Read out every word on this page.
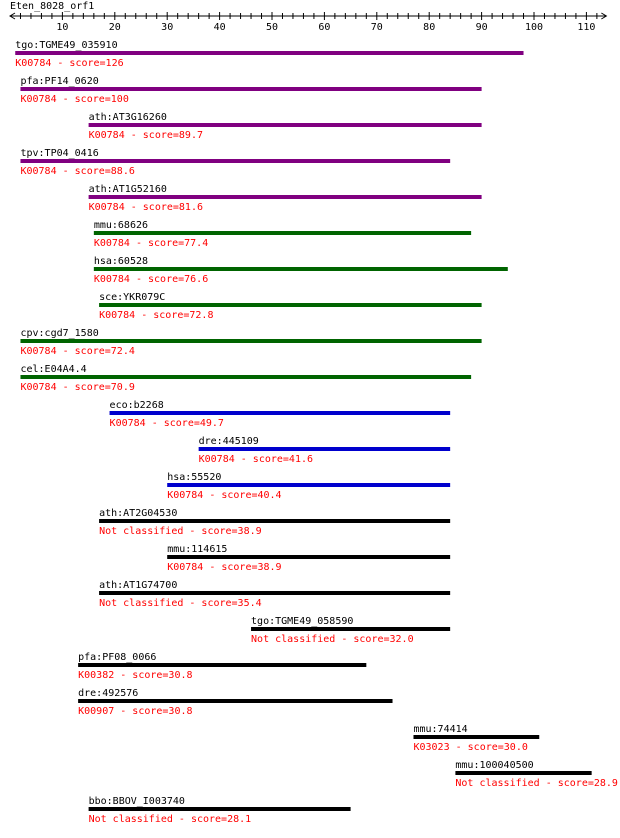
Eten_8028_orf1
10	20	30	40	50	60	70	80	90	100	110
tgo:TGME49_035910
K00784 - score=126
pfa:PF14_0620
K00784 - score=100
ath:AT3G16260
K00784 - score=89.7
tpv:TP04_0416
K00784 - score=88.6
ath:AT1G52160
K00784 - score=81.6
mmu:68626
K00784 - score=77.4
hsa:60528
K00784 - score=76.6
sce:YKR079C
K00784 - score=72.8
cpv:cgd7_1580
K00784 - score=72.4
cel:E04A4.4
K00784 - score=70.9
eco:b2268
K00784 - score=49.7
dre:445109
K00784 - score=41.6
hsa:55520
K00784 - score=40.4
ath:AT2G04530
Not classified - score=38.9
mmu:114615
K00784 - score=38.9
ath:AT1G74700
Not classified - score=35.4
tgo:TGME49_058590
Not classified - score=32.0
pfa:PF08_0066
K00382 - score=30.8
dre:492576
K00907 - score=30.8
mmu:74414
K03023 - score=30.0
mmu:100040500
Not classified - score=28.9
bbo:BBOV_I003740
Not classified - score=28.1
